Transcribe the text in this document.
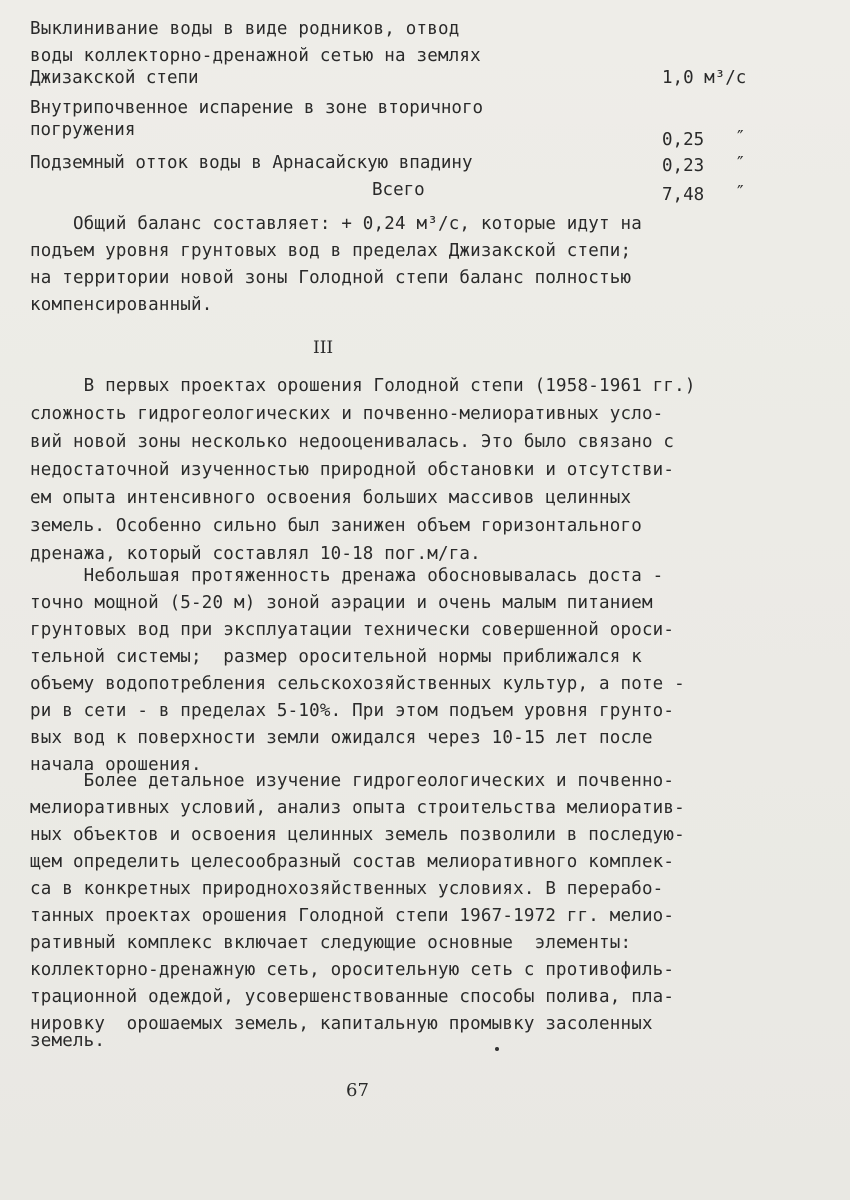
Выклинивание воды в виде родников, отвод
воды коллекторно-дренажной сетью на землях
Джизакской степи	1,0 м³/с
Внутрипочвенное испарение в зоне вторичного
погружения	0,25 ″
Подземный отток воды в Арнасайскую впадину	0,23 ″
Всего	7,48 ″
Общий баланс составляет: + 0,24 м³/с, которые идут на
подъем уровня грунтовых вод в пределах Джизакской степи;
на территории новой зоны Голодной степи баланс полностью
компенсированный.
III
В первых проектах орошения Голодной степи (1958-1961 гг.)
сложность гидрогеологических и почвенно-мелиоративных усло-
вий новой зоны несколько недооценивалась. Это было связано с
недостаточной изученностью природной обстановки и отсутстви-
ем опыта интенсивного освоения больших массивов целинных
земель. Особенно сильно был занижен объем горизонтального
дренажа, который составлял 10-18 пог.м/га.
Небольшая протяженность дренажа обосновывалась доста -
точно мощной (5-20 м) зоной аэрации и очень малым питанием
грунтовых вод при эксплуатации технически совершенной ороси-
тельной системы;  размер оросительной нормы приближался к
объему водопотребления сельскохозяйственных культур, а поте -
ри в сети - в пределах 5-10%. При этом подъем уровня грунто-
вых вод к поверхности земли ожидался через 10-15 лет после
начала орошения.
Более детальное изучение гидрогеологических и почвенно-
мелиоративных условий, анализ опыта строительства мелиоратив-
ных объектов и освоения целинных земель позволили в последую-
щем определить целесообразный состав мелиоративного комплек-
са в конкретных природнохозяйственных условиях. В перерабо-
танных проектах орошения Голодной степи 1967-1972 гг. мелио-
ративный комплекс включает следующие основные  элементы:
коллекторно-дренажную сеть, оросительную сеть с противофиль-
трационной одеждой, усовершенствованные способы полива, пла-
нировку  орошаемых земель, капитальную промывку засоленных
земель.
67
